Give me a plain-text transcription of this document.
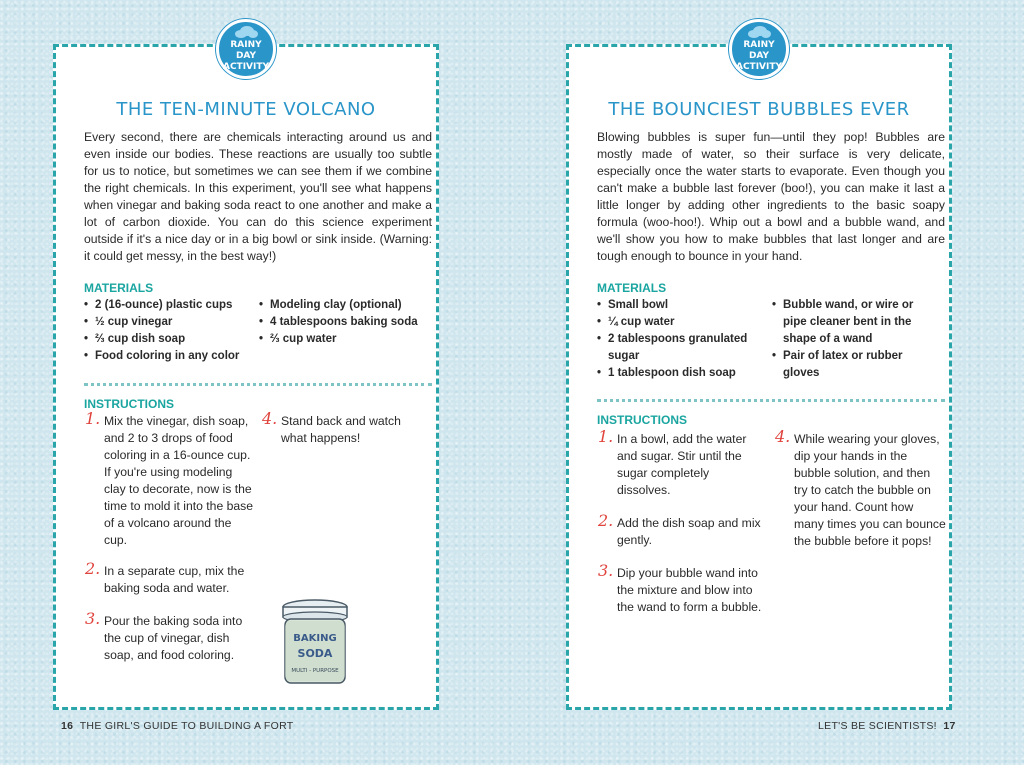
RAINY DAY
ACTIVITY
THE TEN-MINUTE VOLCANO
Every second, there are chemicals interacting around us and even inside our bodies. These reactions are usually too subtle for us to notice, but sometimes we can see them if we combine the right chemicals. In this experiment, you'll see what happens when vinegar and baking soda react to one another and make a lot of carbon dioxide. You can do this science experiment outside if it's a nice day or in a big bowl or sink inside. (Warning: it could get messy, in the best way!)
MATERIALS
• 2 (16-ounce) plastic cups
• ½ cup vinegar
• ⅔ cup dish soap
• Food coloring in any color
• Modeling clay (optional)
• 4 tablespoons baking soda
• ⅔ cup water
INSTRUCTIONS
1. Mix the vinegar, dish soap, and 2 to 3 drops of food coloring in a 16-ounce cup. If you're using modeling clay to decorate, now is the time to mold it into the base of a volcano around the cup.
2. In a separate cup, mix the baking soda and water.
3. Pour the baking soda into the cup of vinegar, dish soap, and food coloring.
4. Stand back and watch what happens!
BAKING
SODA
MULTI - PURPOSE
16 THE GIRL'S GUIDE TO BUILDING A FORT
RAINY DAY
ACTIVITY
THE BOUNCIEST BUBBLES EVER
Blowing bubbles is super fun—until they pop! Bubbles are mostly made of water, so their surface is very delicate, especially once the water starts to evaporate. Even though you can't make a bubble last forever (boo!), you can make it last a little longer by adding other ingredients to the basic soapy formula (woo-hoo!). Whip out a bowl and a bubble wand, and we'll show you how to make bubbles that last longer and are tough enough to bounce in your hand.
MATERIALS
• Small bowl
• ¼ cup water
• 2 tablespoons granulated sugar
• 1 tablespoon dish soap
• Bubble wand, or wire or pipe cleaner bent in the shape of a wand
• Pair of latex or rubber gloves
INSTRUCTIONS
1. In a bowl, add the water and sugar. Stir until the sugar completely dissolves.
2. Add the dish soap and mix gently.
3. Dip your bubble wand into the mixture and blow into the wand to form a bubble.
4. While wearing your gloves, dip your hands in the bubble solution, and then try to catch the bubble on your hand. Count how many times you can bounce the bubble before it pops!
LET'S BE SCIENTISTS! 17
